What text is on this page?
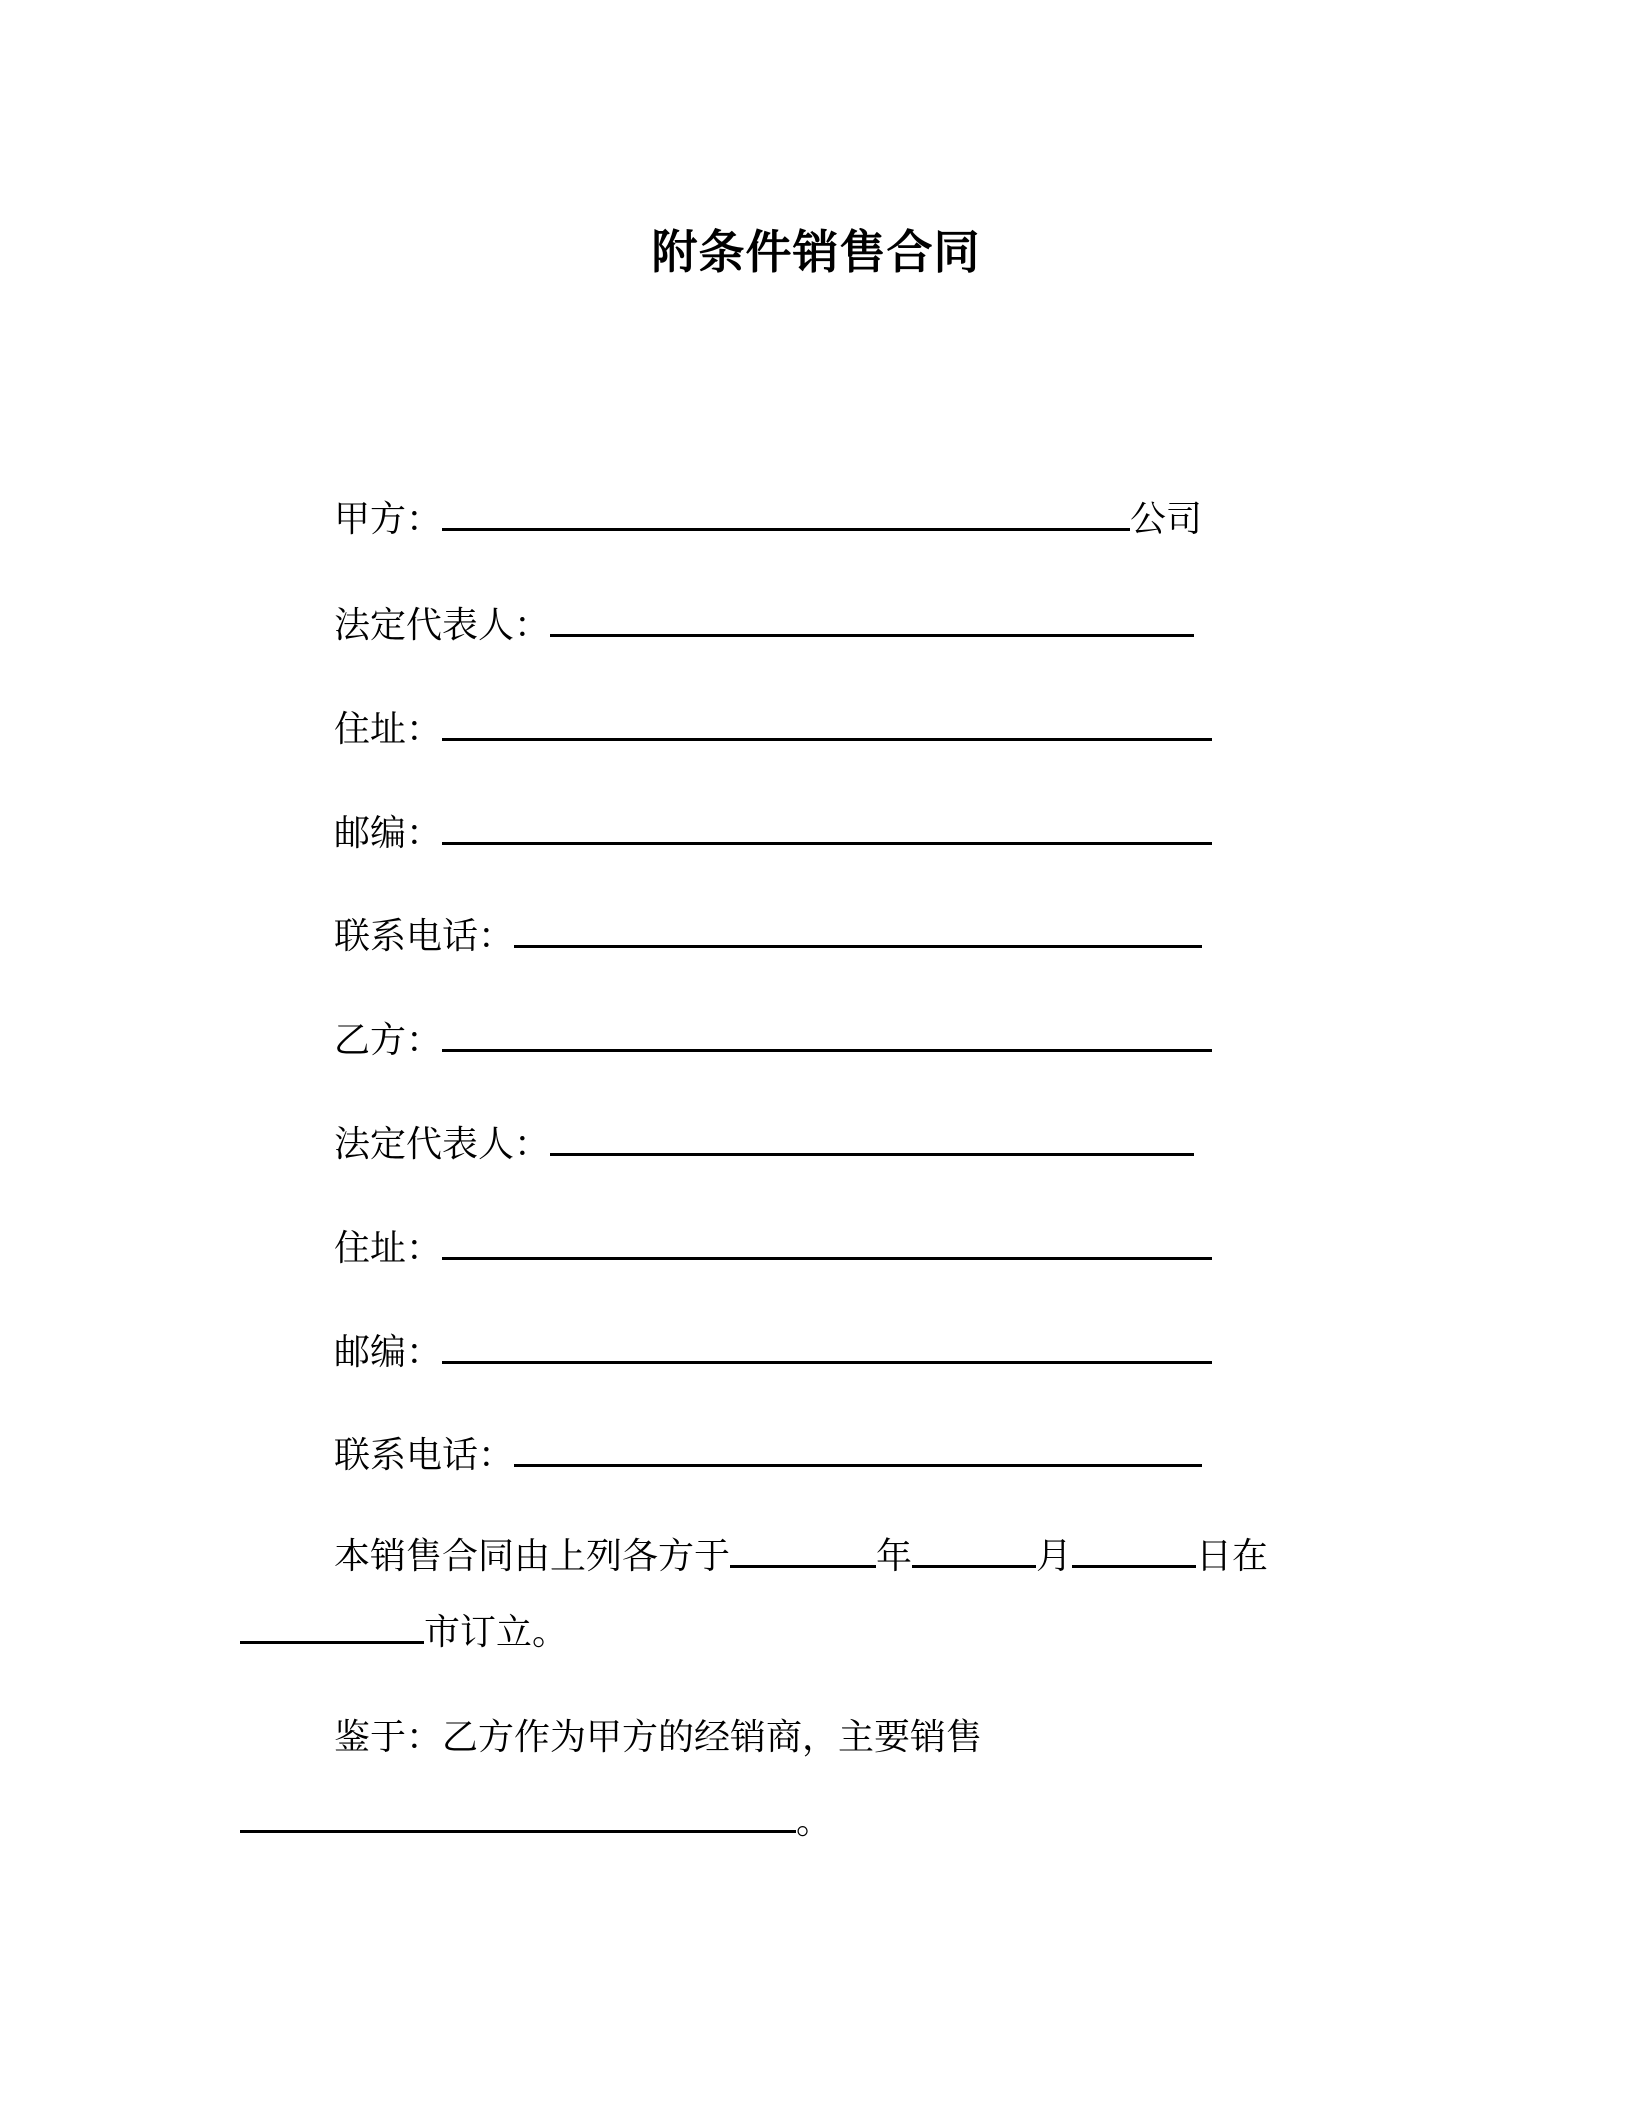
附条件销售合同
甲方：	公司
法定代表人：
住址：
邮编：
联系电话：
乙方：
法定代表人：
住址：
邮编：
联系电话：
本销售合同由上列各方于	年	月	日在
市订立。
鉴于：乙方作为甲方的经销商，主要销售
。
